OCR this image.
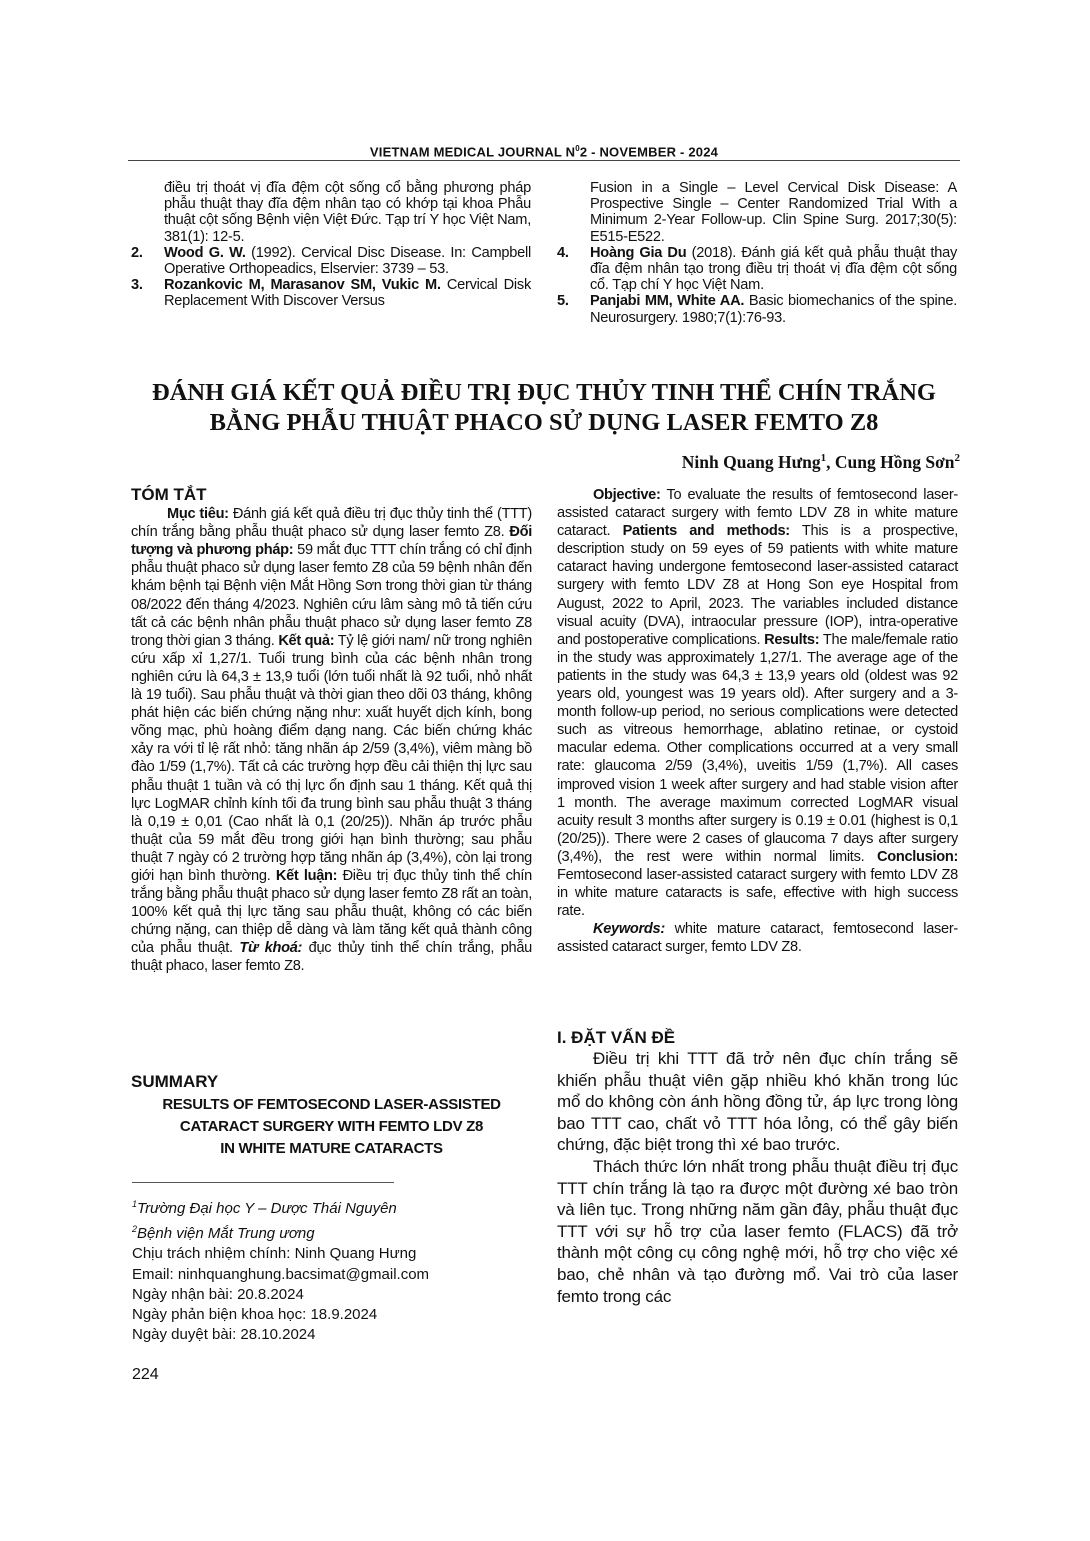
VIETNAM MEDICAL JOURNAL $N^02$ - NOVEMBER - 2024
điều trị thoát vị đĩa đệm cột sống cổ bằng phương pháp phẫu thuật thay đĩa đệm nhân tạo có khớp tại khoa Phẫu thuật cột sống Bệnh viện Việt Đức. Tạp trí Y học Việt Nam, 381(1): 12-5.
2. Wood G. W. (1992). Cervical Disc Disease. In: Campbell Operative Orthopeadics, Elservier: 3739 – 53.
3. Rozankovic M, Marasanov SM, Vukic M. Cervical Disk Replacement With Discover Versus
Fusion in a Single – Level Cervical Disk Disease: A Prospective Single – Center Randomized Trial With a Minimum 2-Year Follow-up. Clin Spine Surg. 2017;30(5): E515-E522.
4. Hoàng Gia Du (2018). Đánh giá kết quả phẫu thuật thay đĩa đệm nhân tạo trong điều trị thoát vị đĩa đệm cột sống cổ. Tạp chí Y học Việt Nam.
5. Panjabi MM, White AA. Basic biomechanics of the spine. Neurosurgery. 1980;7(1):76-93.
ĐÁNH GIÁ KẾT QUẢ ĐIỀU TRỊ ĐỤC THỦY TINH THỂ CHÍN TRẮNG
BẰNG PHẪU THUẬT PHACO SỬ DỤNG LASER FEMTO Z8
Ninh Quang Hưng$^1$, Cung Hồng Sơn$^2$
TÓM TẮT
Mục tiêu: Đánh giá kết quả điều trị đục thủy tinh thể (TTT) chín trắng bằng phẫu thuật phaco sử dụng laser femto Z8. Đối tượng và phương pháp: 59 mắt đục TTT chín trắng có chỉ định phẫu thuật phaco sử dụng laser femto Z8 của 59 bệnh nhân đến khám bệnh tại Bệnh viện Mắt Hồng Sơn trong thời gian từ tháng 08/2022 đến tháng 4/2023. Nghiên cứu lâm sàng mô tả tiến cứu tất cả các bệnh nhân phẫu thuật phaco sử dụng laser femto Z8 trong thời gian 3 tháng. Kết quả: Tỷ lệ giới nam/ nữ trong nghiên cứu xấp xỉ 1,27/1. Tuổi trung bình của các bệnh nhân trong nghiên cứu là 64,3 ± 13,9 tuổi (lớn tuổi nhất là 92 tuổi, nhỏ nhất là 19 tuổi). Sau phẫu thuật và thời gian theo dõi 03 tháng, không phát hiện các biến chứng nặng như: xuất huyết dịch kính, bong võng mạc, phù hoàng điểm dạng nang. Các biến chứng khác xảy ra với tỉ lệ rất nhỏ: tăng nhãn áp 2/59 (3,4%), viêm màng bồ đào 1/59 (1,7%). Tất cả các trường hợp đều cải thiện thị lực sau phẫu thuật 1 tuần và có thị lực ổn định sau 1 tháng. Kết quả thị lực LogMAR chỉnh kính tối đa trung bình sau phẫu thuật 3 tháng là 0,19 ± 0,01 (Cao nhất là 0,1 (20/25)). Nhãn áp trước phẫu thuật của 59 mắt đều trong giới hạn bình thường; sau phẫu thuật 7 ngày có 2 trường hợp tăng nhãn áp (3,4%), còn lại trong giới hạn bình thường. Kết luận: Điều trị đục thủy tinh thể chín trắng bằng phẫu thuật phaco sử dụng laser femto Z8 rất an toàn, 100% kết quả thị lực tăng sau phẫu thuật, không có các biến chứng nặng, can thiệp dễ dàng và làm tăng kết quả thành công của phẫu thuật. Từ khoá: đục thủy tinh thể chín trắng, phẫu thuật phaco, laser femto Z8.
SUMMARY
RESULTS OF FEMTOSECOND LASER-ASSISTED
CATARACT SURGERY WITH FEMTO LDV Z8
IN WHITE MATURE CATARACTS
$^1$Trường Đại học Y – Dược Thái Nguyên
$^2$Bệnh viện Mắt Trung ương
Chịu trách nhiệm chính: Ninh Quang Hưng
Email: ninhquanghung.bacsimat@gmail.com
Ngày nhận bài: 20.8.2024
Ngày phản biện khoa học: 18.9.2024
Ngày duyệt bài: 28.10.2024
224
Objective: To evaluate the results of femtosecond laser-assisted cataract surgery with femto LDV Z8 in white mature cataract. Patients and methods: This is a prospective, description study on 59 eyes of 59 patients with white mature cataract having undergone femtosecond laser-assisted cataract surgery with femto LDV Z8 at Hong Son eye Hospital from August, 2022 to April, 2023. The variables included distance visual acuity (DVA), intraocular pressure (IOP), intra-operative and postoperative complications. Results: The male/female ratio in the study was approximately 1,27/1. The average age of the patients in the study was 64,3 ± 13,9 years old (oldest was 92 years old, youngest was 19 years old). After surgery and a 3-month follow-up period, no serious complications were detected such as vitreous hemorrhage, ablatino retinae, or cystoid macular edema. Other complications occurred at a very small rate: glaucoma 2/59 (3,4%), uveitis 1/59 (1,7%). All cases improved vision 1 week after surgery and had stable vision after 1 month. The average maximum corrected LogMAR visual acuity result 3 months after surgery is 0.19 ± 0.01 (highest is 0,1 (20/25)). There were 2 cases of glaucoma 7 days after surgery (3,4%), the rest were within normal limits. Conclusion: Femtosecond laser-assisted cataract surgery with femto LDV Z8 in white mature cataracts is safe, effective with high success rate.
Keywords: white mature cataract, femtosecond laser-assisted cataract surger, femto LDV Z8.
I. ĐẶT VẤN ĐỀ
Điều trị khi TTT đã trở nên đục chín trắng sẽ khiến phẫu thuật viên gặp nhiều khó khăn trong lúc mổ do không còn ánh hồng đồng tử, áp lực trong lòng bao TTT cao, chất vỏ TTT hóa lỏng, có thể gây biến chứng, đặc biệt trong thì xé bao trước.
Thách thức lớn nhất trong phẫu thuật điều trị đục TTT chín trắng là tạo ra được một đường xé bao tròn và liên tục. Trong những năm gần đây, phẫu thuật đục TTT với sự hỗ trợ của laser femto (FLACS) đã trở thành một công cụ công nghệ mới, hỗ trợ cho việc xé bao, chẻ nhân và tạo đường mổ. Vai trò của laser femto trong các
